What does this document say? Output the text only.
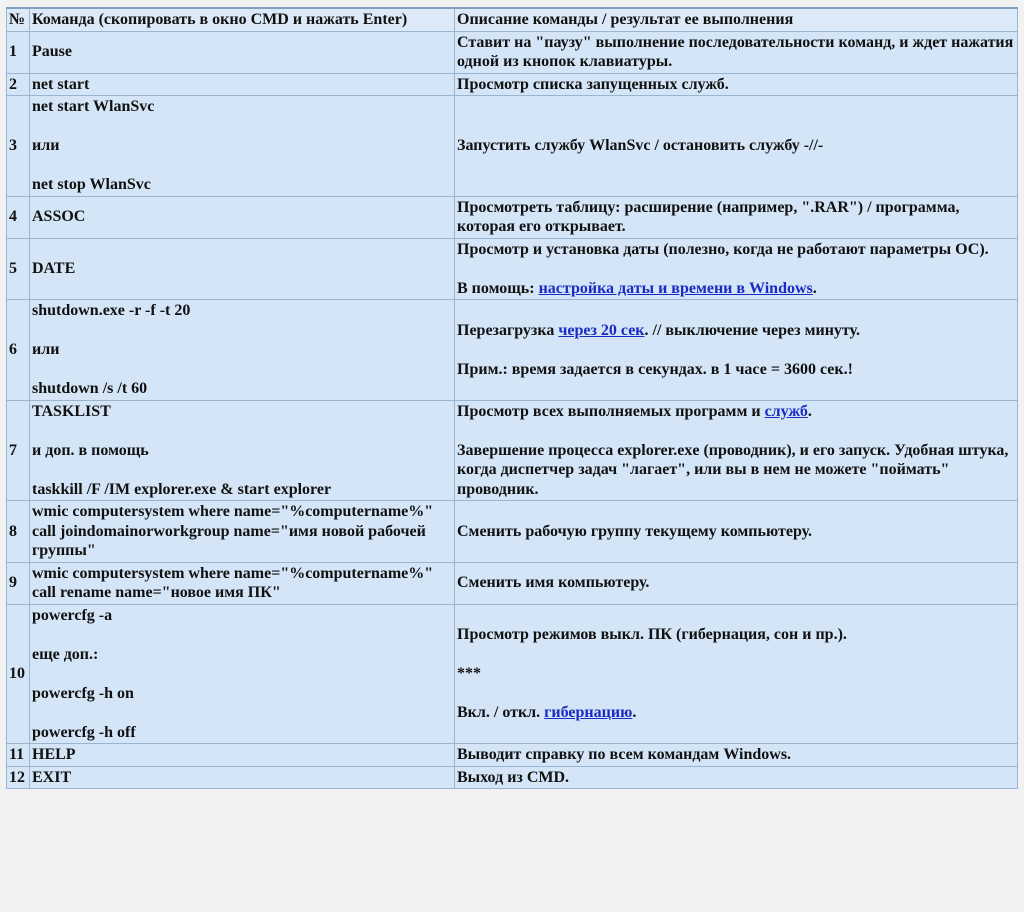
№	Команда (скопировать в окно CMD и нажать Enter)	Описание команды / результат ее выполнения
1	Pause	Ставит на "паузу" выполнение последовательности команд, и ждет нажатия одной из кнопок клавиатуры.

2	net start	Просмотр списка запущенных служб.

3	net start WlanSvc
или
net stop WlanSvc	Запустить службу WlanSvc / остановить службу -//-

4	ASSOC	Просмотреть таблицу: расширение (например, ".RAR") / программа, которая его открывает.

5	DATE	Просмотр и установка даты (полезно, когда не работают параметры ОС).
В помощь: настройка даты и времени в Windows.

6	shutdown.exe -r -f -t 20
или
shutdown /s /t 60	Перезагрузка через 20 сек. // выключение через минуту.
Прим.: время задается в секундах. в 1 часе = 3600 сек.!

7	TASKLIST
и доп. в помощь
taskkill /F /IM explorer.exe & start explorer	Просмотр всех выполняемых программ и служб.
Завершение процесса explorer.exe (проводник), и его запуск. Удобная штука, когда диспетчер задач "лагает", или вы в нем не можете "поймать" проводник.

8	wmic computersystem where name="%computername%" call joindomainorworkgroup name="имя новой рабочей группы"	Сменить рабочую группу текущему компьютеру.

9	wmic computersystem where name="%computername%" call rename name="новое имя ПК"	Сменить имя компьютеру.

10	powercfg -a
еще доп.:
powercfg -h on
powercfg -h off	Просмотр режимов выкл. ПК (гибернация, сон и пр.).
***
Вкл. / откл. гибернацию.

11	HELP	Выводит справку по всем командам Windows.

12	EXIT	Выход из CMD.
